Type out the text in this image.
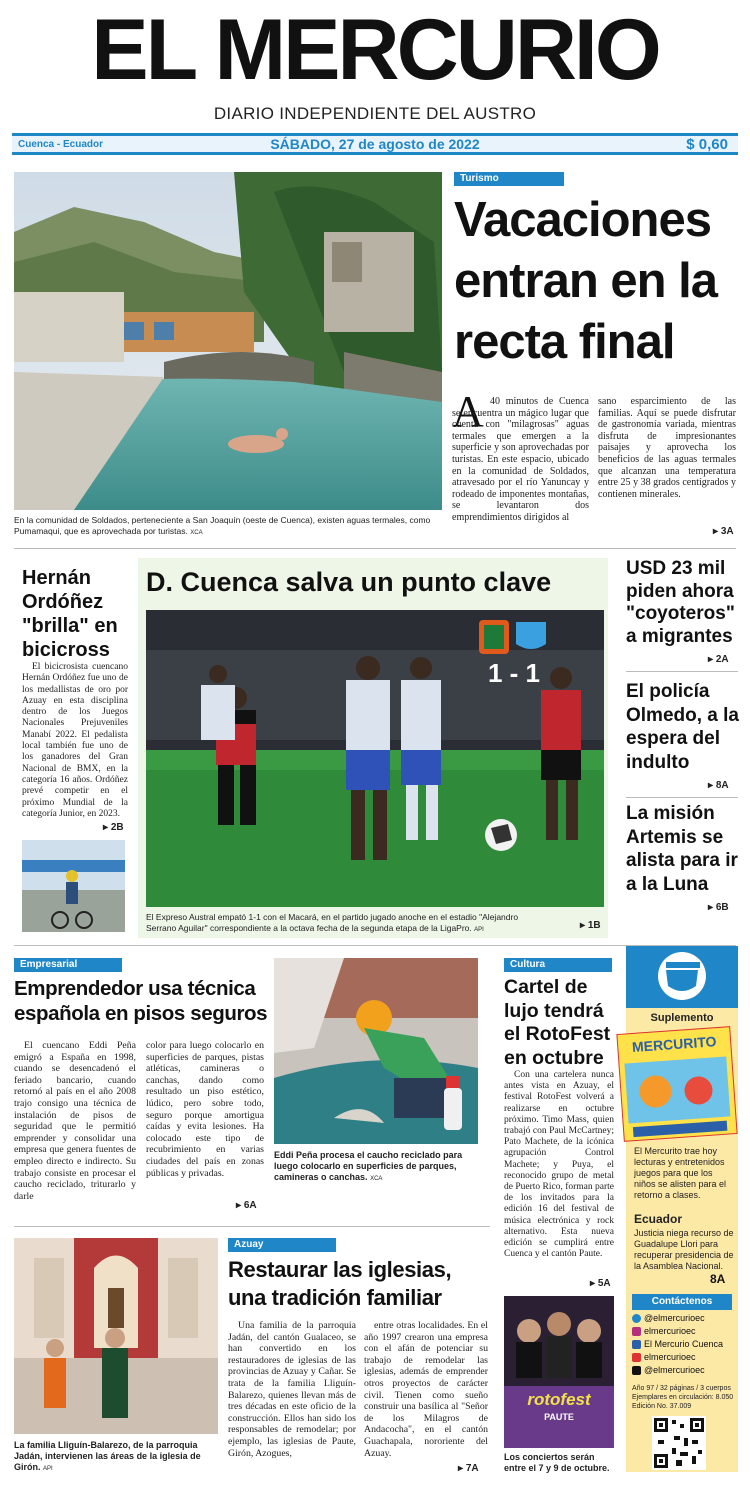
EL MERCURIO
DIARIO INDEPENDIENTE DEL AUSTRO
Cuenca - Ecuador	SÁBADO, 27 de agosto de 2022	$ 0,60
En la comunidad de Soldados, perteneciente a San Joaquín (oeste de Cuenca), existen aguas termales, como Pumamaqui, que es aprovechada por turistas. XCA
Turismo
Vacaciones entran en la recta final
A 40 minutos de Cuenca se encuentra un mágico lugar que cuenta con "milagrosas" aguas termales que emergen a la superficie y son aprovechadas por turistas. En este espacio, ubicado en la comunidad de Soldados, atravesado por el río Yanuncay y rodeado de imponentes montañas, se levantaron dos emprendimientos dirigidos al
sano esparcimiento de las familias. Aquí se puede disfrutar de gastronomía variada, mientras disfruta de impresionantes paisajes y aprovecha los beneficios de las aguas termales que alcanzan una temperatura entre 25 y 38 grados centígrados y contienen minerales.
▸ 3A
Hernán Ordóñez "brilla" en bicicross
El bicicrosista cuencano Hernán Ordóñez fue uno de los medallistas de oro por Azuay en esta disciplina dentro de los Juegos Nacionales Prejuveniles Manabí 2022. El pedalista local también fue uno de los ganadores del Gran Nacional de BMX, en la categoría 16 años. Ordóñez prevé competir en el próximo Mundial de la categoría Junior, en 2023.
▸ 2B
D. Cuenca salva un punto clave
1 - 1
El Expreso Austral empató 1-1 con el Macará, en el partido jugado anoche en el estadio "Alejandro Serrano Aguilar" correspondiente a la octava fecha de la segunda etapa de la LigaPro. API	▸ 1B
USD 23 mil piden ahora "coyoteros" a migrantes
▸ 2A
El policía Olmedo, a la espera del indulto
▸ 8A
La misión Artemis se alista para ir a la Luna
▸ 6B
Empresarial
Emprendedor usa técnica española en pisos seguros
El cuencano Eddi Peña emigró a España en 1998, cuando se desencadenó el feriado bancario, cuando retornó al país en el año 2008 trajo consigo una técnica de instalación de pisos de seguridad que le permitió emprender y consolidar una empresa que genera fuentes de empleo directo e indirecto. Su trabajo consiste en procesar el caucho reciclado, triturarlo y darle
color para luego colocarlo en superficies de parques, pistas atléticas, camineras o canchas, dando como resultado un piso estético, lúdico, pero sobre todo, seguro porque amortigua caídas y evita lesiones. Ha colocado este tipo de recubrimiento en varias ciudades del país en zonas públicas y privadas.
▸ 6A
Eddi Peña procesa el caucho reciclado para luego colocarlo en superficies de parques, camineras o canchas. XCA
Cultura
Cartel de lujo tendrá el RotoFest en octubre
Con una cartelera nunca antes vista en Azuay, el festival RotoFest volverá a realizarse en octubre próximo. Timo Mass, quien trabajó con Paul McCartney; Pato Machete, de la icónica agrupación Control Machete; y Puya, el reconocido grupo de metal de Puerto Rico, forman parte de los invitados para la edición 16 del festival de música electrónica y rock alternativo. Esta nueva edición se cumplirá entre Cuenca y el cantón Paute.
▸ 5A
rotofest
PAUTE
Los conciertos serán entre el 7 y 9 de octubre.
Suplemento
MERCURITO
El Mercurito trae hoy lecturas y entretenidos juegos para que los niños se alisten para el retorno a clases.
Ecuador
Justicia niega recurso de Guadalupe Llori para recuperar presidencia de la Asamblea Nacional.
8A
Contáctenos
@elmercurioec
elmercurioec
El Mercurio Cuenca
elmercurioec
@elmercurioec
Año 97 / 32 páginas / 3 cuerpos Ejemplares en circulación: 8.050 Edición No. 37.009
La familia Lliguín-Balarezo, de la parroquia Jadán, intervienen las áreas de la iglesia de Girón. API
Azuay
Restaurar las iglesias, una tradición familiar
Una familia de la parroquia Jadán, del cantón Gualaceo, se han convertido en los restauradores de iglesias de las provincias de Azuay y Cañar. Se trata de la familia Lliguín-Balarezo, quienes llevan más de tres décadas en este oficio de la construcción. Ellos han sido los responsables de remodelar; por ejemplo, las iglesias de Paute, Girón, Azogues,
entre otras localidades. En el año 1997 crearon una empresa con el afán de potenciar su trabajo de remodelar las iglesias, además de emprender otros proyectos de carácter civil. Tienen como sueño construir una basílica al "Señor de los Milagros de Andacocha", en el cantón Guachapala, nororiente del Azuay.
▸ 7A
